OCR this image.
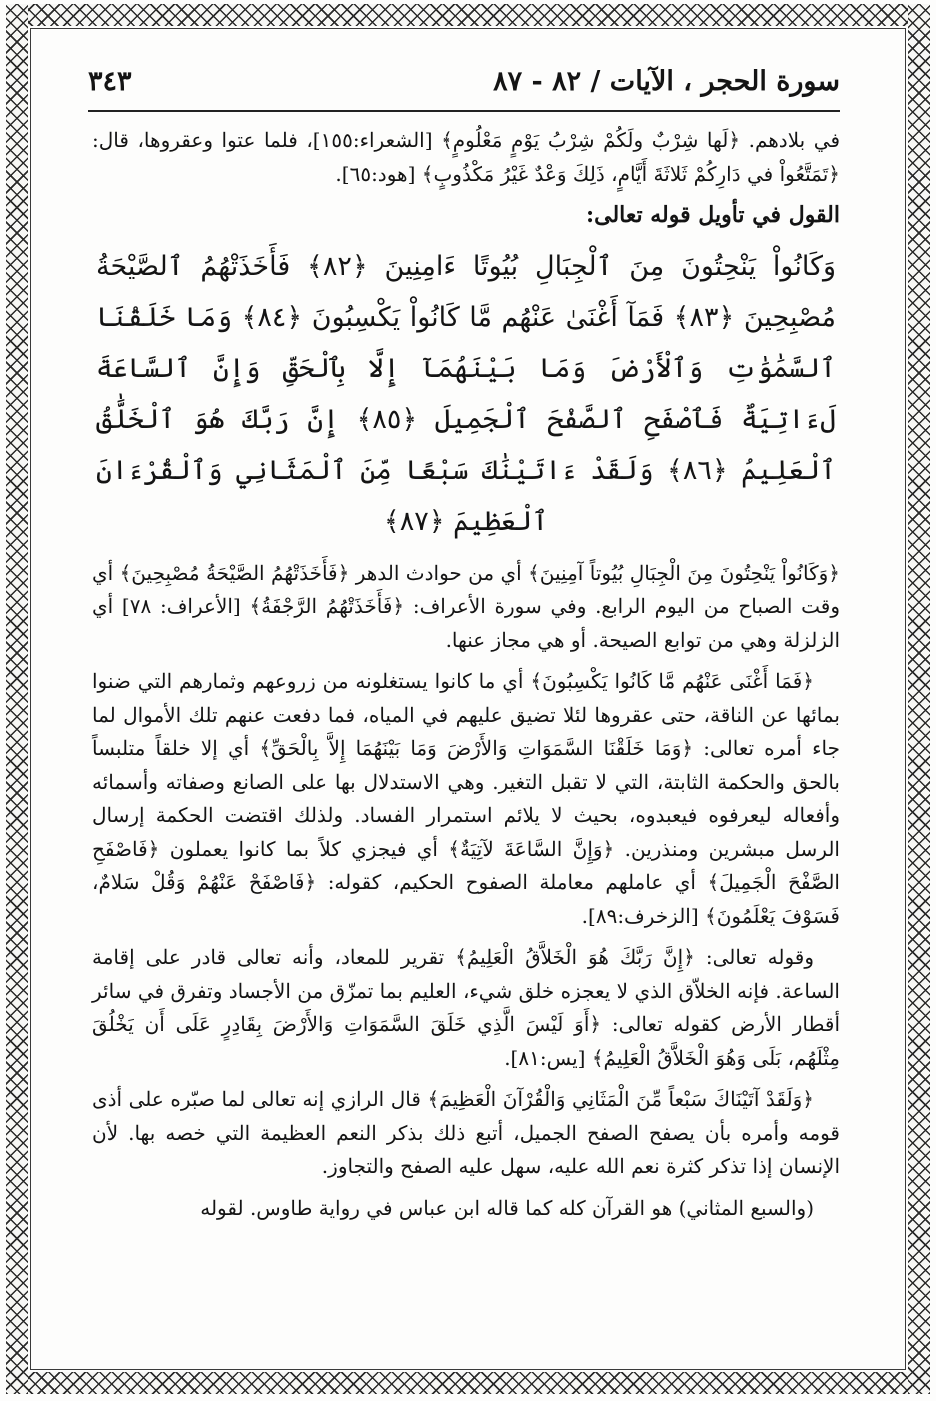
سورة الحجر ، الآيات / ٨٢ - ٨٧
٣٤٣

في بلادهم. ﴿لَها شِرْبٌ ولَكُمْ شِرْبُ يَوْمٍ مَعْلُومٍ﴾ [الشعراء:١٥٥]، فلما عتوا وعقروها، قال: ﴿تَمَتَّعُواْ في دَارِكُمْ ثَلاثَةَ أَيَّامٍ، ذَلِكَ وَعْدٌ غَيْرُ مَكْذُوبٍ﴾ [هود:٦٥].

القول في تأويل قوله تعالى:

وَكَانُواْ يَنْحِتُونَ مِنَ ٱلْجِبَالِ بُيُوتًا ءَامِنِينَ ﴿٨٢﴾ فَأَخَذَتْهُمُ ٱلصَّيْحَةُ مُصْبِحِينَ ﴿٨٣﴾ فَمَآ أَغْنَىٰ عَنْهُم مَّا كَانُواْ يَكْسِبُونَ ﴿٨٤﴾ وَمَا خَلَقْنَا ٱلسَّمَٰوَٰتِ وَٱلْأَرْضَ وَمَا بَيْنَهُمَآ إِلَّا بِٱلْحَقِّ وَإِنَّ ٱلسَّاعَةَ لَءَاتِيَةٌ فَٱصْفَحِ ٱلصَّفْحَ ٱلْجَمِيلَ ﴿٨٥﴾ إِنَّ رَبَّكَ هُوَ ٱلْخَلَّٰقُ ٱلْعَلِيمُ ﴿٨٦﴾ وَلَقَدْ ءَاتَيْنَٰكَ سَبْعًا مِّنَ ٱلْمَثَانِي وَٱلْقُرْءَانَ ٱلْعَظِيمَ ﴿٨٧﴾

﴿وَكَانُواْ يَنْحِتُونَ مِنَ الْجِبَالِ بُيُوتاً آمِنِينَ﴾ أي من حوادث الدهر ﴿فَأَخَذَتْهُمُ الصَّيْحَةُ مُصْبِحِينَ﴾ أي وقت الصباح من اليوم الرابع. وفي سورة الأعراف: ﴿فَأَخَذَتْهُمُ الرَّجْفَةُ﴾ [الأعراف: ٧٨] أي الزلزلة وهي من توابع الصيحة. أو هي مجاز عنها.

﴿فَمَا أَغْنَى عَنْهُم مَّا كَانُوا يَكْسِبُونَ﴾ أي ما كانوا يستغلونه من زروعهم وثمارهم التي ضنوا بمائها عن الناقة، حتى عقروها لئلا تضيق عليهم في المياه، فما دفعت عنهم تلك الأموال لما جاء أمره تعالى: ﴿وَمَا خَلَقْنَا السَّمَوَاتِ وَالأَرْضَ وَمَا بَيْنَهُمَا إِلاَّ بِالْحَقِّ﴾ أي إلا خلقاً متلبساً بالحق والحكمة الثابتة، التي لا تقبل التغير. وهي الاستدلال بها على الصانع وصفاته وأسمائه وأفعاله ليعرفوه فيعبدوه، بحيث لا يلائم استمرار الفساد. ولذلك اقتضت الحكمة إرسال الرسل مبشرين ومنذرين. ﴿وَإِنَّ السَّاعَةَ لآتِيَةٌ﴾ أي فيجزي كلاً بما كانوا يعملون ﴿فَاصْفَحِ الصَّفْحَ الْجَمِيلَ﴾ أي عاملهم معاملة الصفوح الحكيم، كقوله: ﴿فَاصْفَحْ عَنْهُمْ وَقُلْ سَلامٌ، فَسَوْفَ يَعْلَمُونَ﴾ [الزخرف:٨٩].

وقوله تعالى: ﴿إِنَّ رَبَّكَ هُوَ الْخَلاَّقُ الْعَلِيمُ﴾ تقرير للمعاد، وأنه تعالى قادر على إقامة الساعة. فإنه الخلاّق الذي لا يعجزه خلق شيء، العليم بما تمزّق من الأجساد وتفرق في سائر أقطار الأرض كقوله تعالى: ﴿أَوَ لَيْسَ الَّذِي خَلَقَ السَّمَوَاتِ وَالأَرْضَ بِقَادِرٍ عَلَى أَن يَخْلُقَ مِثْلَهُم، بَلَى وَهُوَ الْخَلاَّقُ الْعَلِيمُ﴾ [يس:٨١].

﴿وَلَقَدْ آتَيْنَاكَ سَبْعاً مِّنَ الْمَثَانِي وَالْقُرْآنَ الْعَظِيمَ﴾ قال الرازي إنه تعالى لما صبّره على أذى قومه وأمره بأن يصفح الصفح الجميل، أتبع ذلك بذكر النعم العظيمة التي خصه بها. لأن الإنسان إذا تذكر كثرة نعم الله عليه، سهل عليه الصفح والتجاوز.

(والسبع المثاني) هو القرآن كله كما قاله ابن عباس في رواية طاوس. لقوله
